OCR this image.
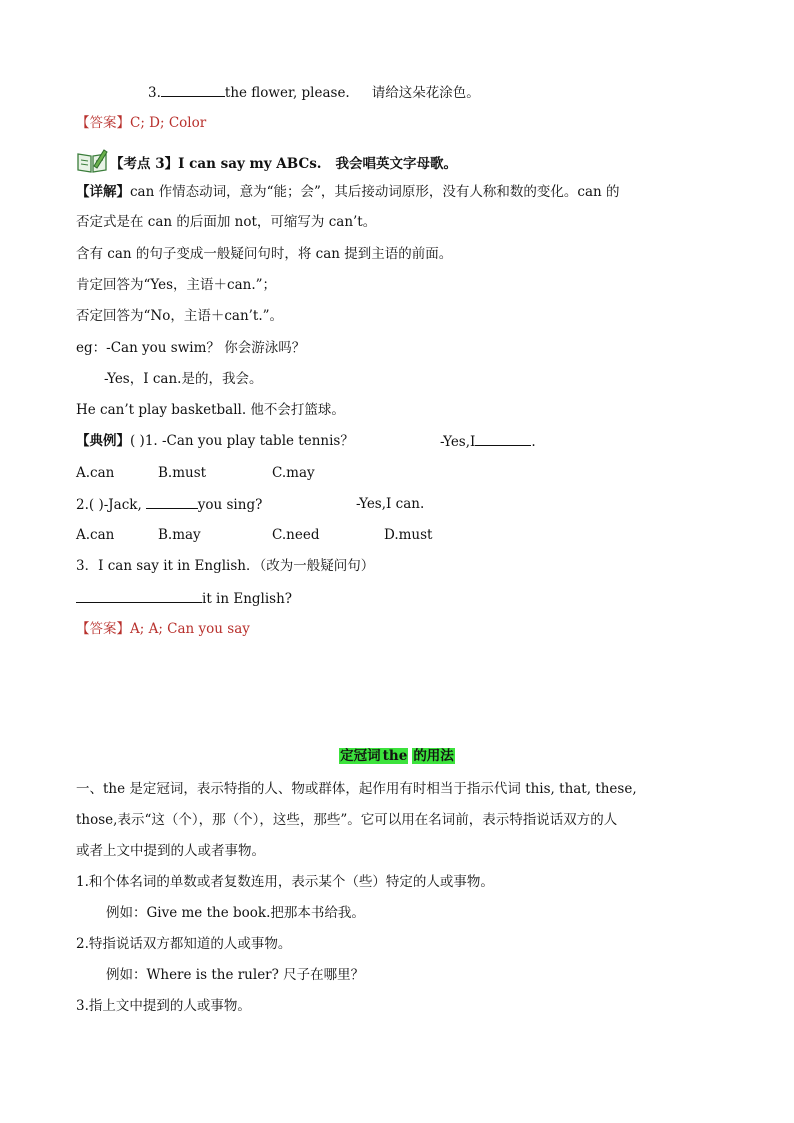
3.	the flower, please. 请给这朵花涂色。
【答案】C; D; Color
【考点 3】I can say my ABCs. 我会唱英文字母歌。
【详解】can 作情态动词，意为“能；会”，其后接动词原形，没有人称和数的变化。can 的
否定式是在 can 的后面加 not，可缩写为 can’t。
含有 can 的句子变成一般疑问句时，将 can 提到主语的前面。
肯定回答为“Yes，主语＋can.”；
否定回答为“No，主语＋can’t.”。
eg：-Can you swim？ 你会游泳吗？
-Yes，I can.是的，我会。
He can’t play basketball. 他不会打篮球。
【典例】( )1. -Can you play table tennis？	-Yes,I	.
A.can	B.must	C.may
2.( )-Jack,	you sing?	-Yes,I can.
A.can	B.may	C.need	D.must
3．I can say it in English．（改为一般疑问句）
it in English?
【答案】A; A; Can you say
定冠词 the 的用法
一、the 是定冠词，表示特指的人、物或群体，起作用有时相当于指示代词 this, that, these,
those,表示“这（个），那（个），这些，那些”。它可以用在名词前，表示特指说话双方的人
或者上文中提到的人或者事物。
1.和个体名词的单数或者复数连用，表示某个（些）特定的人或事物。
例如：Give me the book.把那本书给我。
2.特指说话双方都知道的人或事物。
例如：Where is the ruler? 尺子在哪里？
3.指上文中提到的人或事物。
